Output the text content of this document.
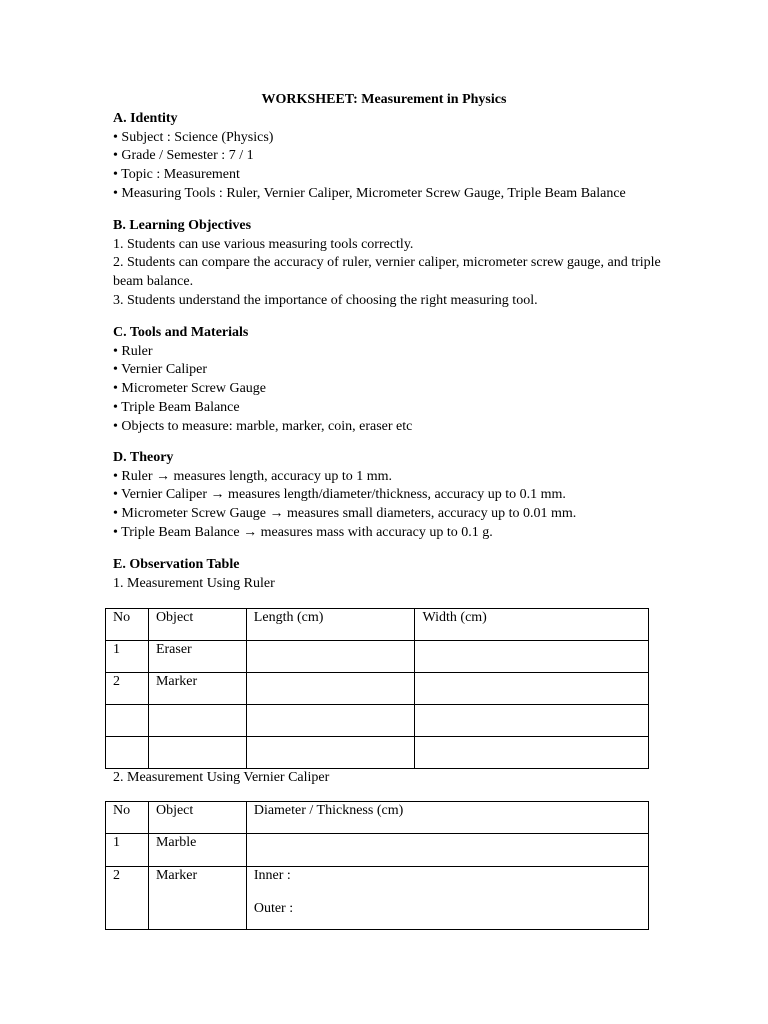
WORKSHEET: Measurement in Physics
A. Identity
• Subject : Science (Physics)
• Grade / Semester : 7 / 1
• Topic : Measurement
• Measuring Tools : Ruler, Vernier Caliper, Micrometer Screw Gauge, Triple Beam Balance
B. Learning Objectives
1. Students can use various measuring tools correctly.
2. Students can compare the accuracy of ruler, vernier caliper, micrometer screw gauge, and triple beam balance.
3. Students understand the importance of choosing the right measuring tool.
C. Tools and Materials
• Ruler
• Vernier Caliper
• Micrometer Screw Gauge
• Triple Beam Balance
• Objects to measure: marble, marker, coin, eraser etc
D. Theory
• Ruler → measures length, accuracy up to 1 mm.
• Vernier Caliper → measures length/diameter/thickness, accuracy up to 0.1 mm.
• Micrometer Screw Gauge → measures small diameters, accuracy up to 0.01 mm.
• Triple Beam Balance → measures mass with accuracy up to 0.1 g.
E. Observation Table
1. Measurement Using Ruler
No	Object	Length (cm)	Width (cm)
1	Eraser		
2	Marker		

2. Measurement Using Vernier Caliper
No	Object	Diameter / Thickness (cm)
1	Marble	
2	Marker	Inner :
Outer :
